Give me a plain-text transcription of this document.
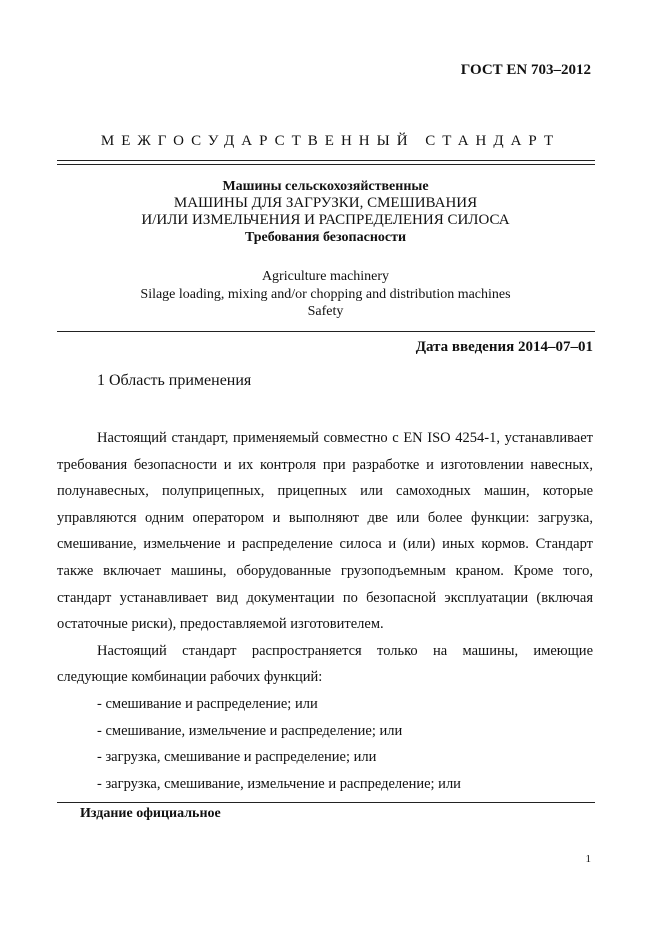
ГОСТ EN 703–2012
МЕЖГОСУДАРСТВЕННЫЙ СТАНДАРТ
Машины сельскохозяйственные
МАШИНЫ ДЛЯ ЗАГРУЗКИ, СМЕШИВАНИЯ
И/ИЛИ ИЗМЕЛЬЧЕНИЯ И РАСПРЕДЕЛЕНИЯ СИЛОСА
Требования безопасности
Agriculture machinery
Silage loading, mixing and/or chopping and distribution machines
Safety
Дата введения 2014–07–01
1 Область применения

Настоящий стандарт, применяемый совместно с EN ISO 4254-1, устанавливает требования безопасности и их контроля при разработке и изготовлении навесных, полунавесных, полуприцепных, прицепных или самоходных машин, которые управляются одним оператором и выполняют две или более функции: загрузка, смешивание, измельчение и распределение силоса и (или) иных кормов. Стандарт также включает машины, оборудованные грузоподъемным краном. Кроме того, стандарт устанавливает вид документации по безопасной эксплуатации (включая остаточные риски), предоставляемой изготовителем.

Настоящий стандарт распространяется только на машины, имеющие следующие комбинации рабочих функций:

- смешивание и распределение; или

- смешивание, измельчение и распределение; или

- загрузка, смешивание и распределение; или

- загрузка, смешивание, измельчение и распределение; или

Издание официальное
1
